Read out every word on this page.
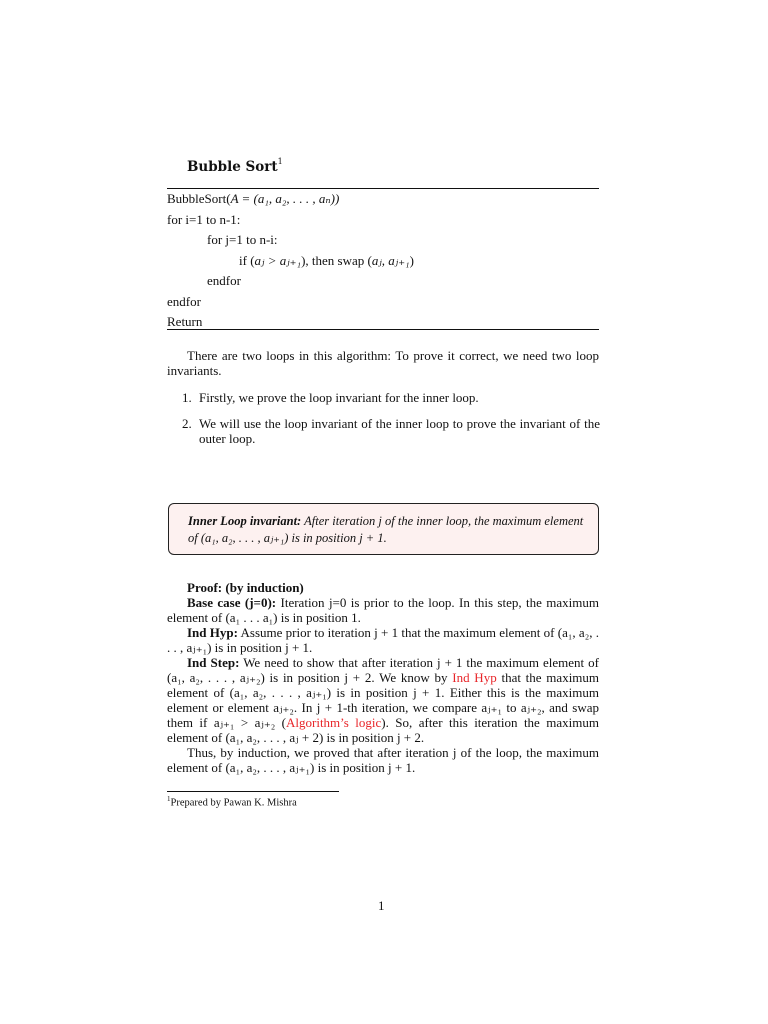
Bubble Sort$^1$
BubbleSort(A = (a₁, a₂, . . . , aₙ))
for i=1 to n-1:
for j=1 to n-i:
if (aⱼ > aⱼ₊₁), then swap (aⱼ, aⱼ₊₁)
endfor
endfor
Return
There are two loops in this algorithm: To prove it correct, we need two loop invariants.
1. Firstly, we prove the loop invariant for the inner loop.
2. We will use the loop invariant of the inner loop to prove the invariant of the outer loop.
Inner Loop invariant: After iteration j of the inner loop, the maximum element of (a₁, a₂, . . . , aⱼ₊₁) is in position j + 1.
Proof: (by induction)
Base case (j=0): Iteration j=0 is prior to the loop. In this step, the maximum element of (a₁ . . . a₁) is in position 1.
Ind Hyp: Assume prior to iteration j + 1 that the maximum element of (a₁, a₂, . . . , aⱼ₊₁) is in position j + 1.
Ind Step: We need to show that after iteration j + 1 the maximum element of (a₁, a₂, . . . , aⱼ₊₂) is in position j + 2. We know by Ind Hyp that the maximum element of (a₁, a₂, . . . , aⱼ₊₁) is in position j + 1. Either this is the maximum element or element aⱼ₊₂. In j + 1-th iteration, we compare aⱼ₊₁ to aⱼ₊₂, and swap them if aⱼ₊₁ > aⱼ₊₂ (Algorithm’s logic). So, after this iteration the maximum element of (a₁, a₂, . . . , aⱼ + 2) is in position j + 2.
Thus, by induction, we proved that after iteration j of the loop, the maximum element of (a₁, a₂, . . . , aⱼ₊₁) is in position j + 1.
$^1$Prepared by Pawan K. Mishra
1
